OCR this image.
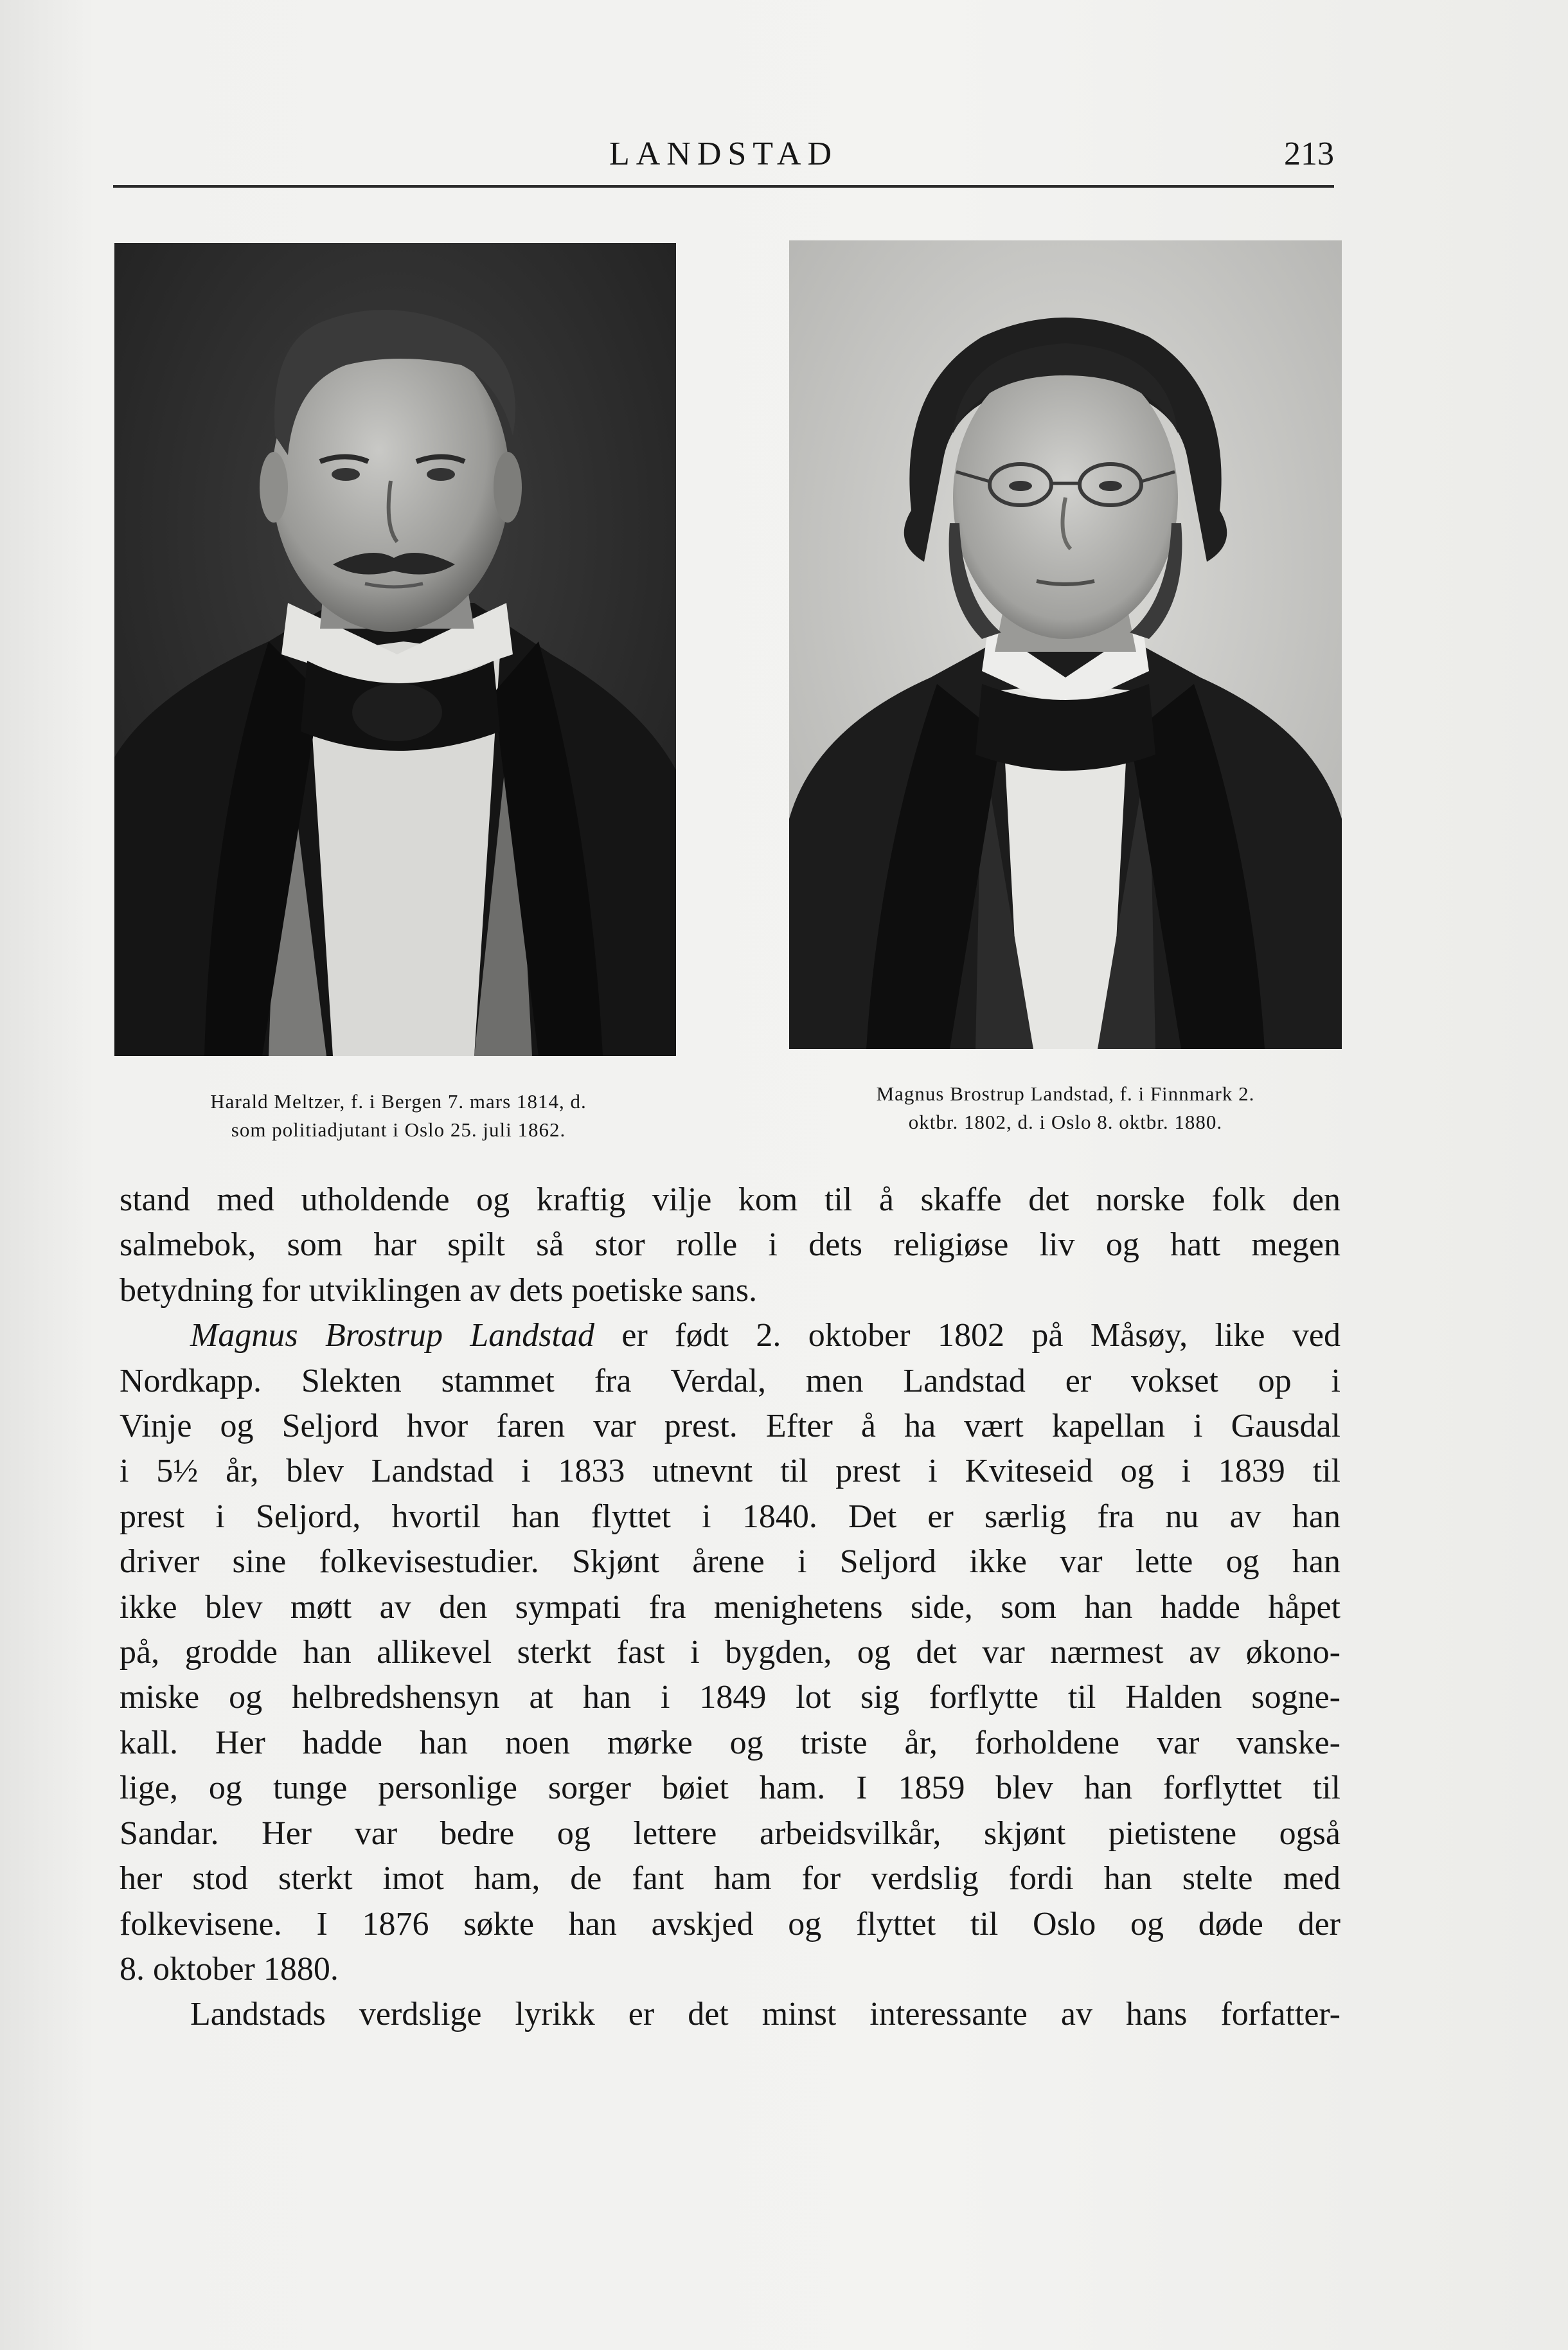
LANDSTAD	213
Harald Meltzer, f. i Bergen 7. mars 1814, d.
som politiadjutant i Oslo 25. juli 1862.
Magnus Brostrup Landstad, f. i Finnmark 2.
oktbr. 1802, d. i Oslo 8. oktbr. 1880.
stand med utholdende og kraftig vilje kom til å skaffe det norske folk den
salmebok, som har spilt så stor rolle i dets religiøse liv og hatt megen
betydning for utviklingen av dets poetiske sans.
Magnus Brostrup Landstad er født 2. oktober 1802 på Måsøy, like ved
Nordkapp. Slekten stammet fra Verdal, men Landstad er vokset op i
Vinje og Seljord hvor faren var prest. Efter å ha vært kapellan i Gausdal
i 5½ år, blev Landstad i 1833 utnevnt til prest i Kviteseid og i 1839 til
prest i Seljord, hvortil han flyttet i 1840. Det er særlig fra nu av han
driver sine folkevisestudier. Skjønt årene i Seljord ikke var lette og han
ikke blev møtt av den sympati fra menighetens side, som han hadde håpet
på, grodde han allikevel sterkt fast i bygden, og det var nærmest av økono-
miske og helbredshensyn at han i 1849 lot sig forflytte til Halden sogne-
kall. Her hadde han noen mørke og triste år, forholdene var vanske-
lige, og tunge personlige sorger bøiet ham. I 1859 blev han forflyttet til
Sandar. Her var bedre og lettere arbeidsvilkår, skjønt pietistene også
her stod sterkt imot ham, de fant ham for verdslig fordi han stelte med
folkevisene. I 1876 søkte han avskjed og flyttet til Oslo og døde der
8. oktober 1880.
Landstads verdslige lyrikk er det minst interessante av hans forfatter-
